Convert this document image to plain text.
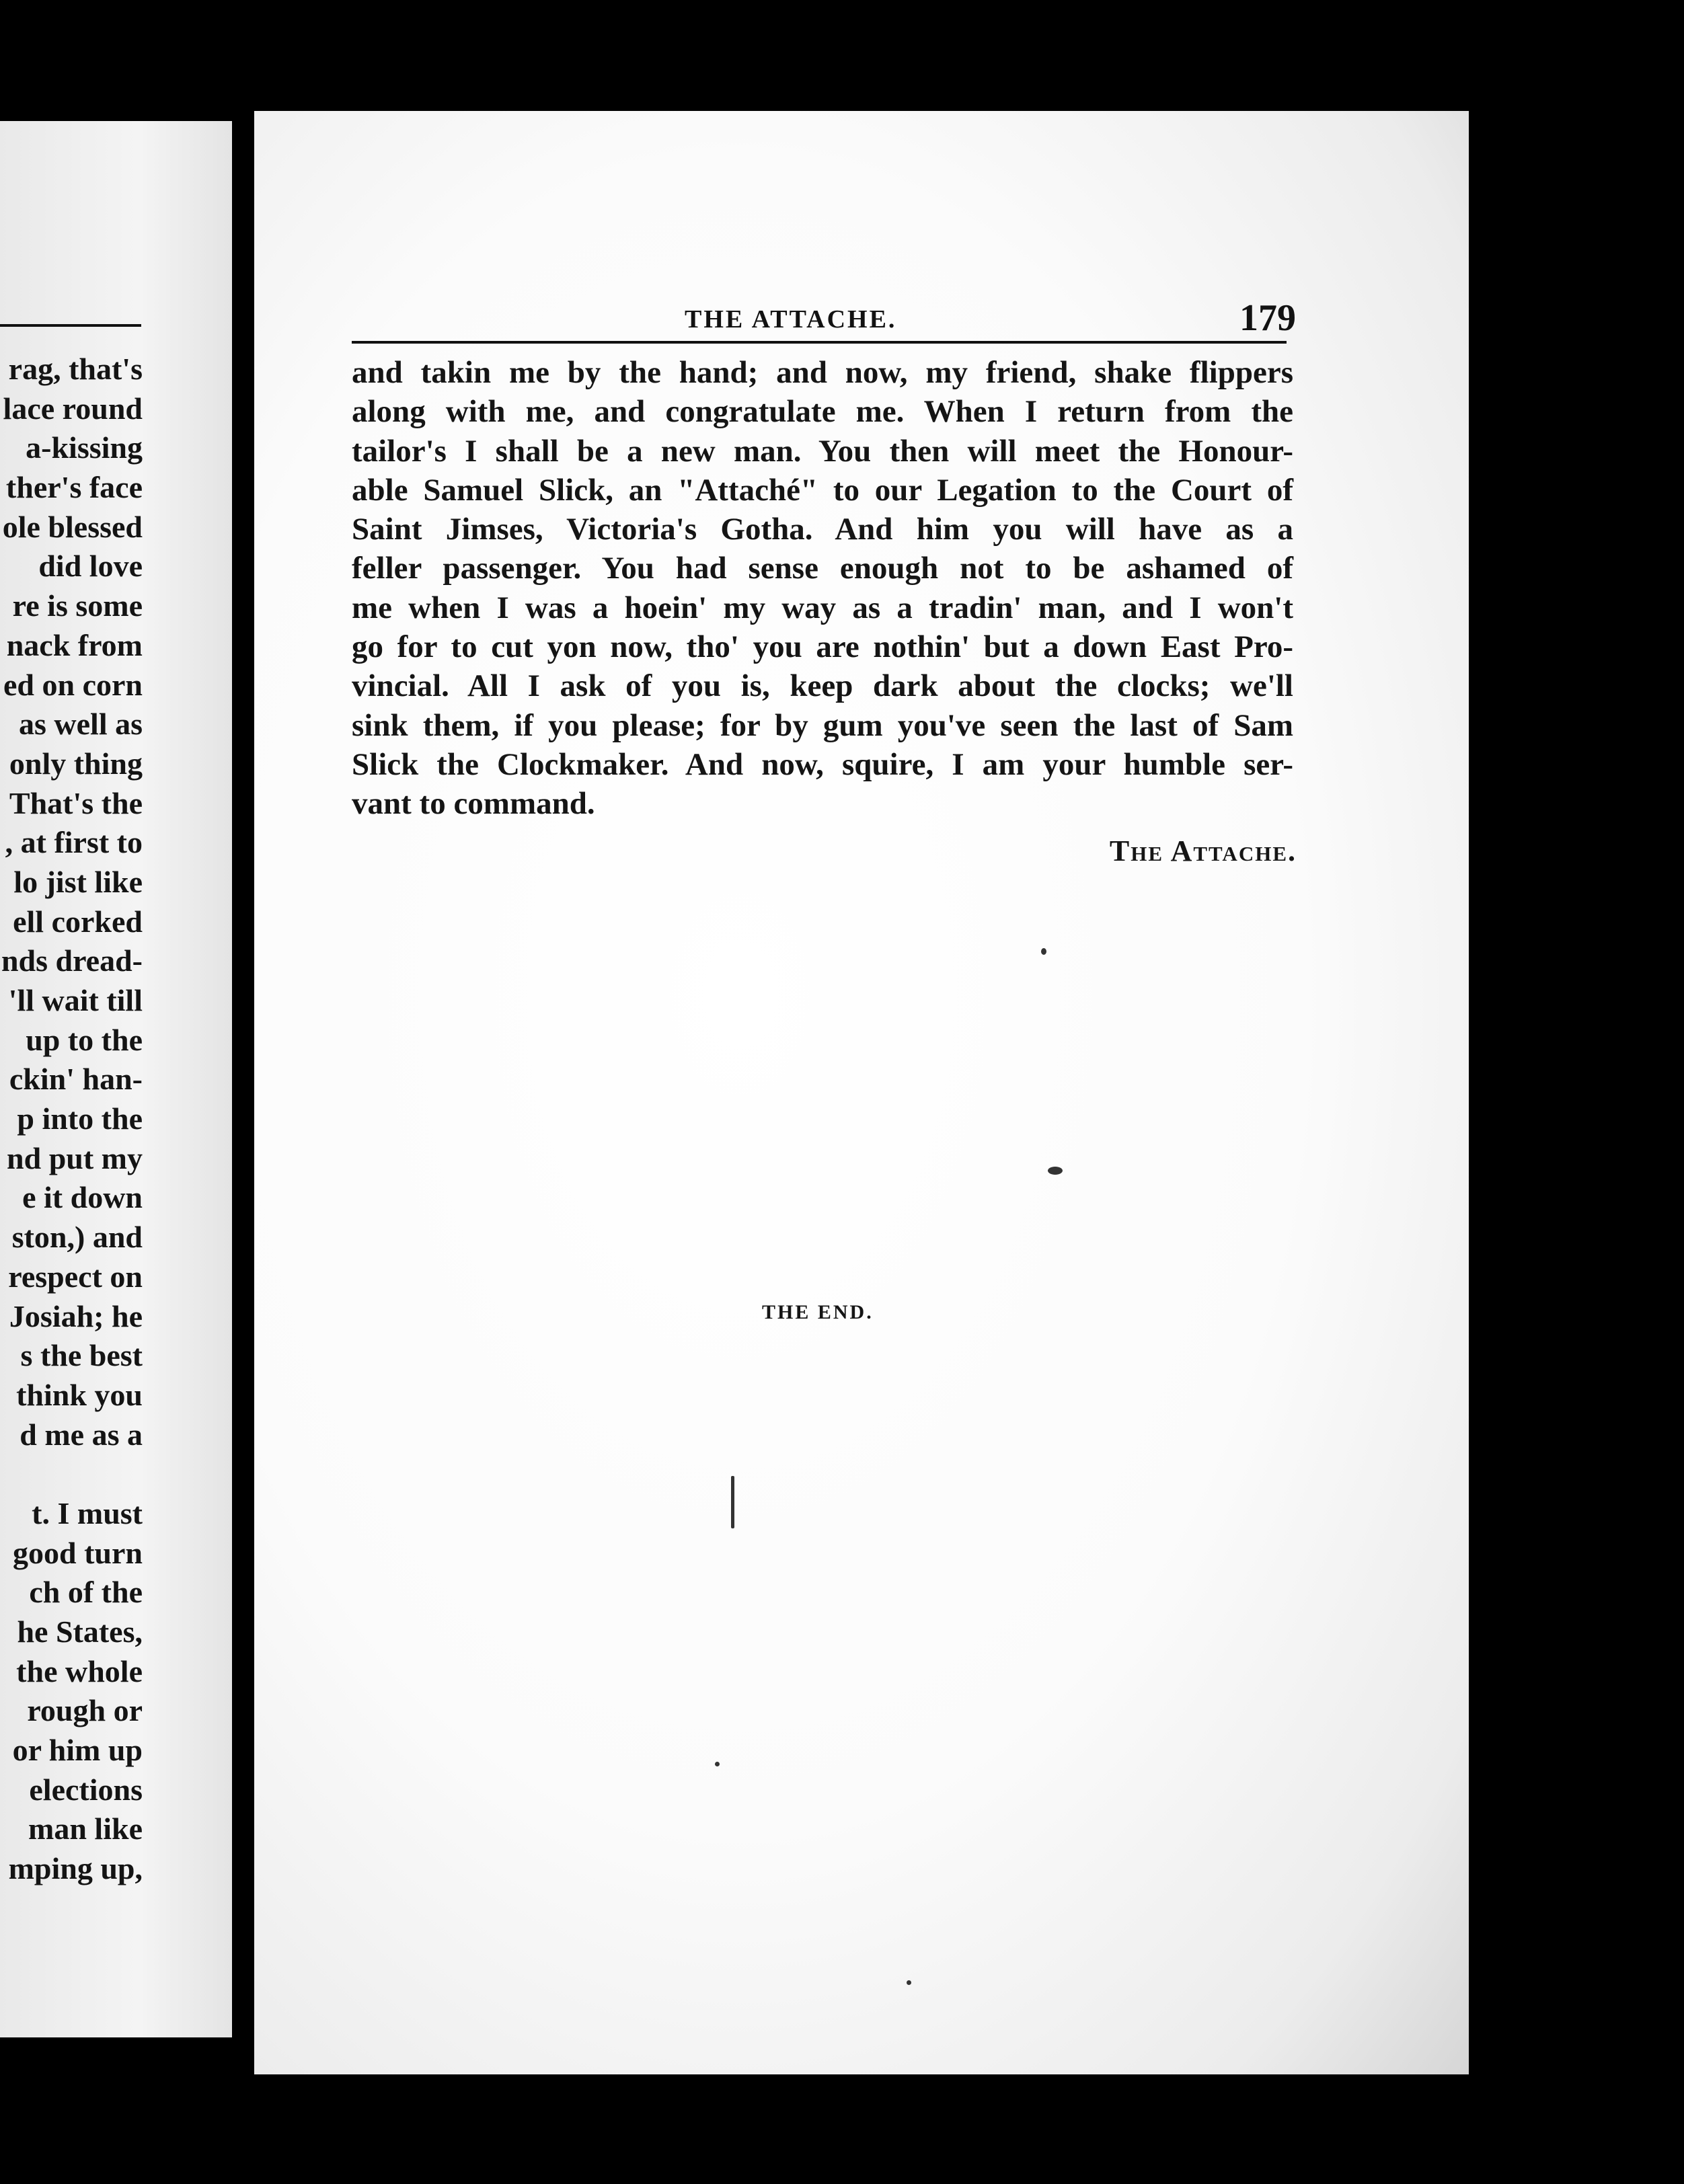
rag, that's
lace round
a-kissing
ther's face
ole blessed
did love
re is some
nack from
ed on corn
as well as
only thing
That's the
, at first to
lo jist like
ell corked
nds dread-
'll wait till
up to the
ckin' han-
p into the
nd put my
e it down
ston,) and
respect on
Josiah; he
s the best
think you
d me as a
t. I must
good turn
ch of the
he States,
the whole
rough or
or him up
elections
man like
mping up,
THE ATTACHE.	179
and takin me by the hand; and now, my friend, shake flippers
along with me, and congratulate me. When I return from the
tailor's I shall be a new man. You then will meet the Honour-
able Samuel Slick, an "Attaché" to our Legation to the Court of
Saint Jimses, Victoria's Gotha. And him you will have as a
feller passenger. You had sense enough not to be ashamed of
me when I was a hoein' my way as a tradin' man, and I won't
go for to cut yon now, tho' you are nothin' but a down East Pro-
vincial. All I ask of you is, keep dark about the clocks; we'll
sink them, if you please; for by gum you've seen the last of Sam
Slick the Clockmaker. And now, squire, I am your humble ser-
vant to command.
The Attache.
THE END.
